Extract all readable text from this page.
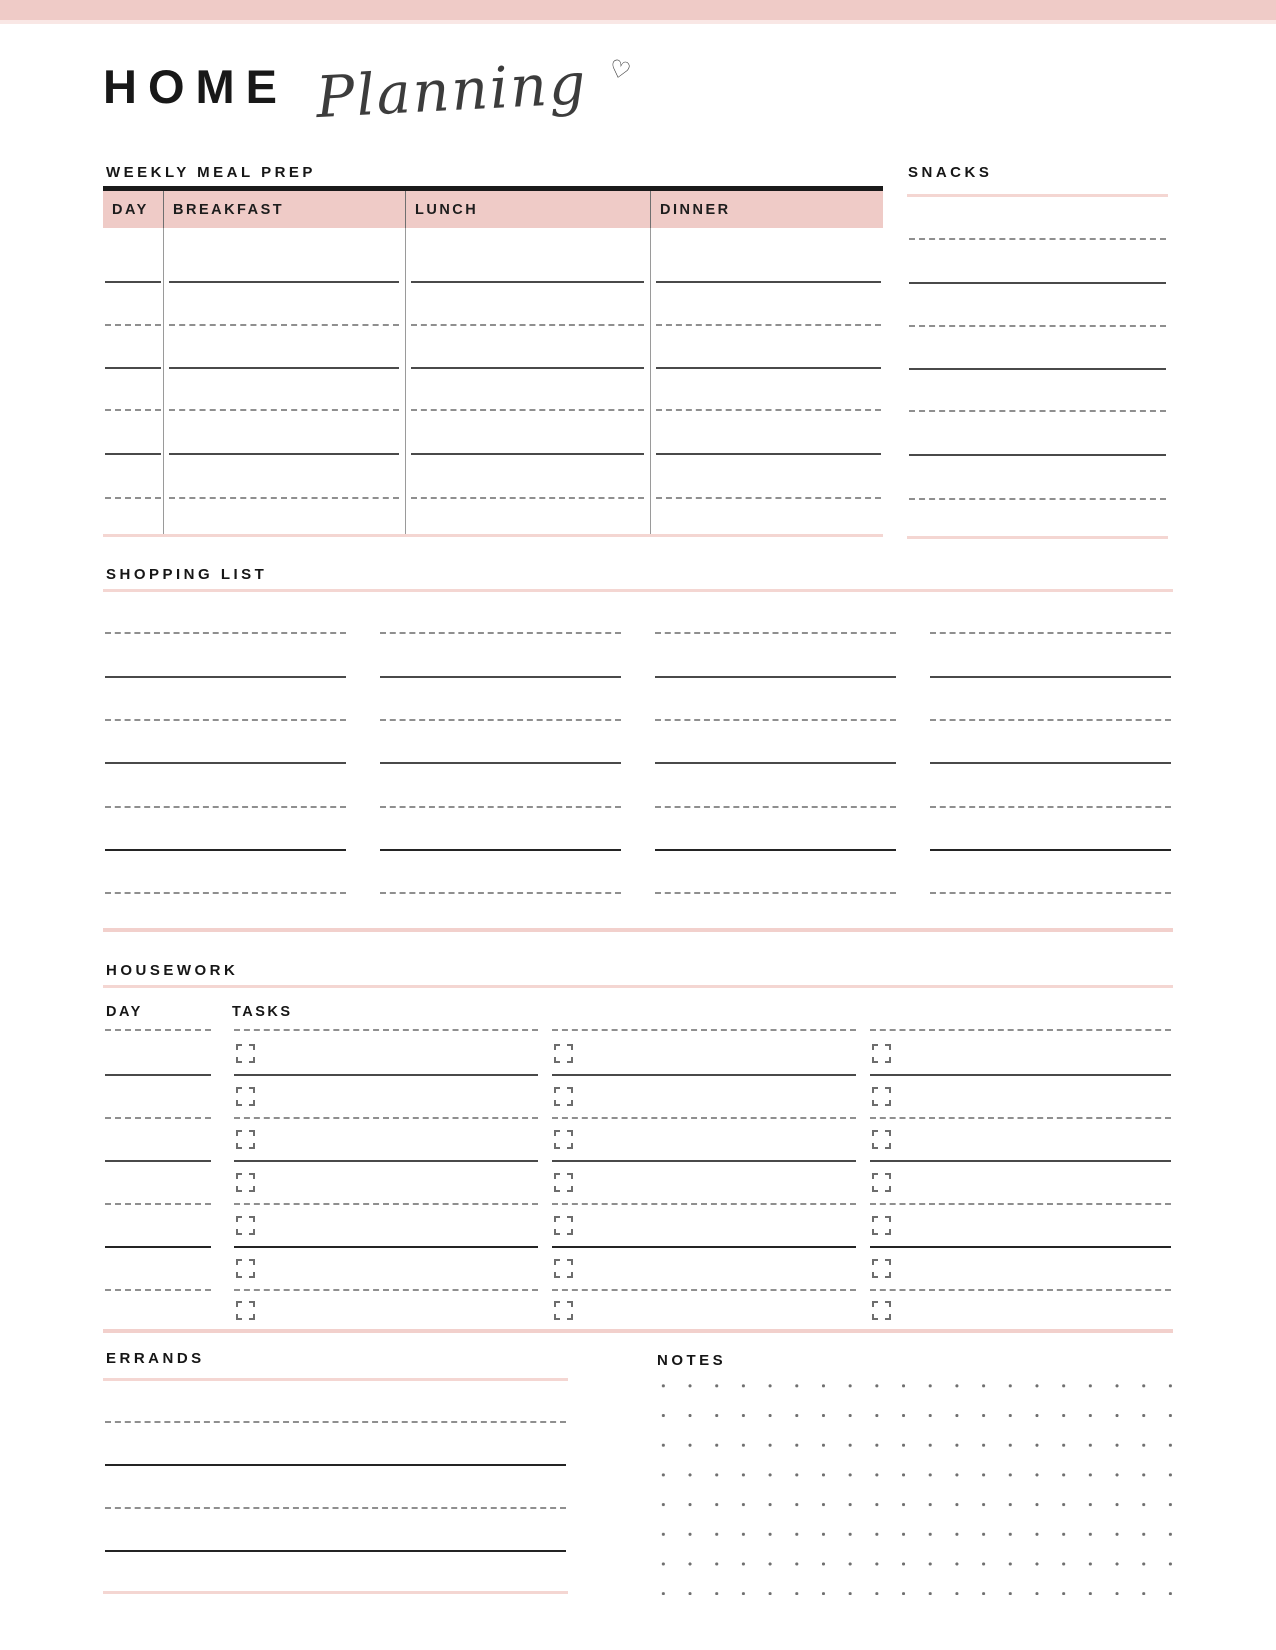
HOME Planning ♡
WEEKLY MEAL PREP	SNACKS
DAY	BREAKFAST	LUNCH	DINNER
SHOPPING LIST
HOUSEWORK
DAY	TASKS
ERRANDS	NOTES
